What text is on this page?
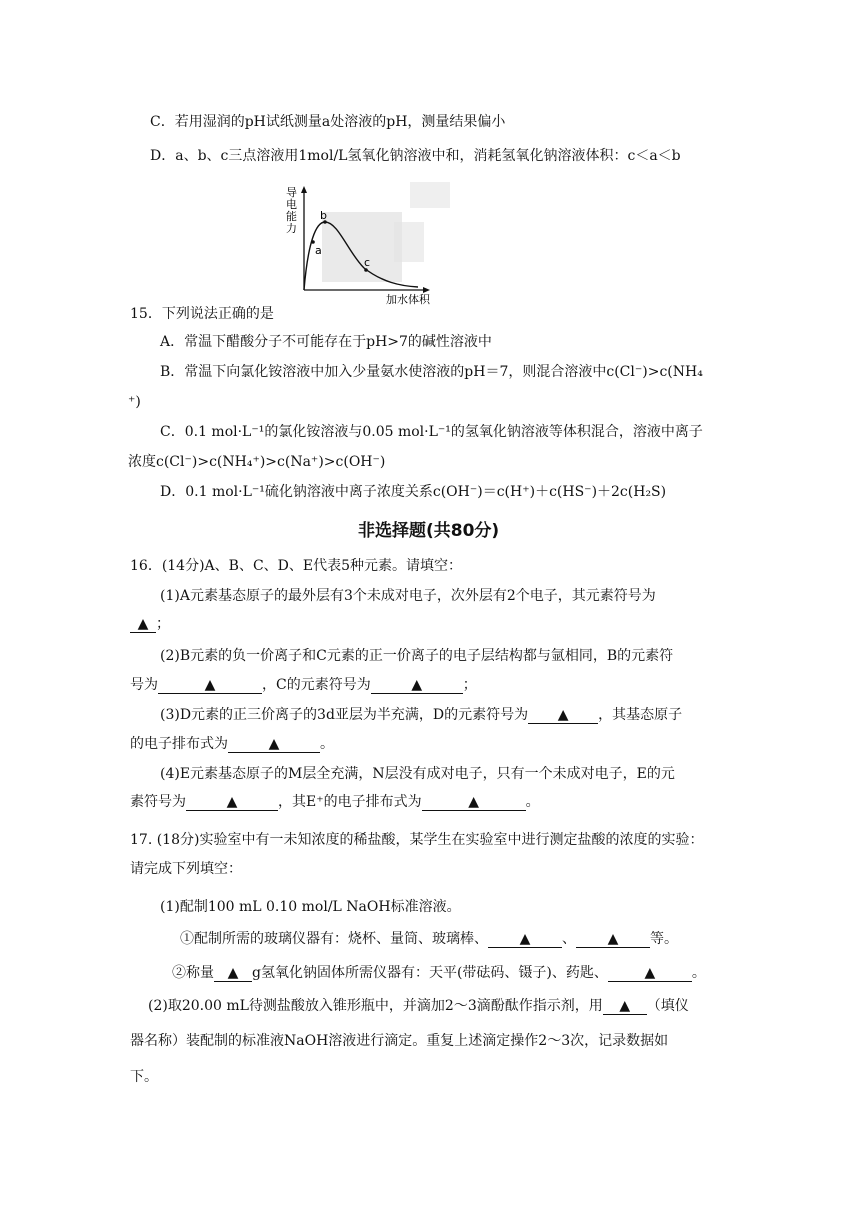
C．若用湿润的pH试纸测量a处溶液的pH，测量结果偏小
D．a、b、c三点溶液用1mol/L氢氧化钠溶液中和，消耗氢氧化钠溶液体积：c＜a＜b
a
b
c
导
电
能
力
加水体积
15．下列说法正确的是
A．常温下醋酸分子不可能存在于pH>7的碱性溶液中
B．常温下向氯化铵溶液中加入少量氨水使溶液的pH＝7，则混合溶液中c(Cl⁻)>c(NH₄
⁺)
C．0.1 mol·L⁻¹的氯化铵溶液与0.05 mol·L⁻¹的氢氧化钠溶液等体积混合，溶液中离子
浓度c(Cl⁻)>c(NH₄⁺)>c(Na⁺)>c(OH⁻)
D．0.1 mol·L⁻¹硫化钠溶液中离子浓度关系c(OH⁻)＝c(H⁺)＋c(HS⁻)＋2c(H₂S)
非选择题(共80分)
16．(14分)A、B、C、D、E代表5种元素。请填空：
(1)A元素基态原子的最外层有3个未成对电子，次外层有2个电子，其元素符号为
▲ ；
(2)B元素的负一价离子和C元素的正一价离子的电子层结构都与氩相同，B的元素符
号为	▲	，C的元素符号为	▲	；
(3)D元素的正三价离子的3d亚层为半充满，D的元素符号为 ▲ ，其基态原子
的电子排布式为	▲	。
(4)E元素基态原子的M层全充满，N层没有成对电子，只有一个未成对电子，E的元
素符号为	▲	，其E⁺的电子排布式为	▲	。
17. (18分)实验室中有一未知浓度的稀盐酸，某学生在实验室中进行测定盐酸的浓度的实验：
请完成下列填空：
(1)配制100 mL 0.10 mol/L NaOH标准溶液。
①配制所需的玻璃仪器有：烧杯、量筒、玻璃棒、 ▲ 、 ▲ 等。
②称量 ▲ g氢氧化钠固体所需仪器有：天平(带砝码、镊子)、药匙、	▲	。
(2)取20.00 mL待测盐酸放入锥形瓶中，并滴加2～3滴酚酞作指示剂，用 ▲ （填仪
器名称）装配制的标准液NaOH溶液进行滴定。重复上述滴定操作2～3次，记录数据如
下。
